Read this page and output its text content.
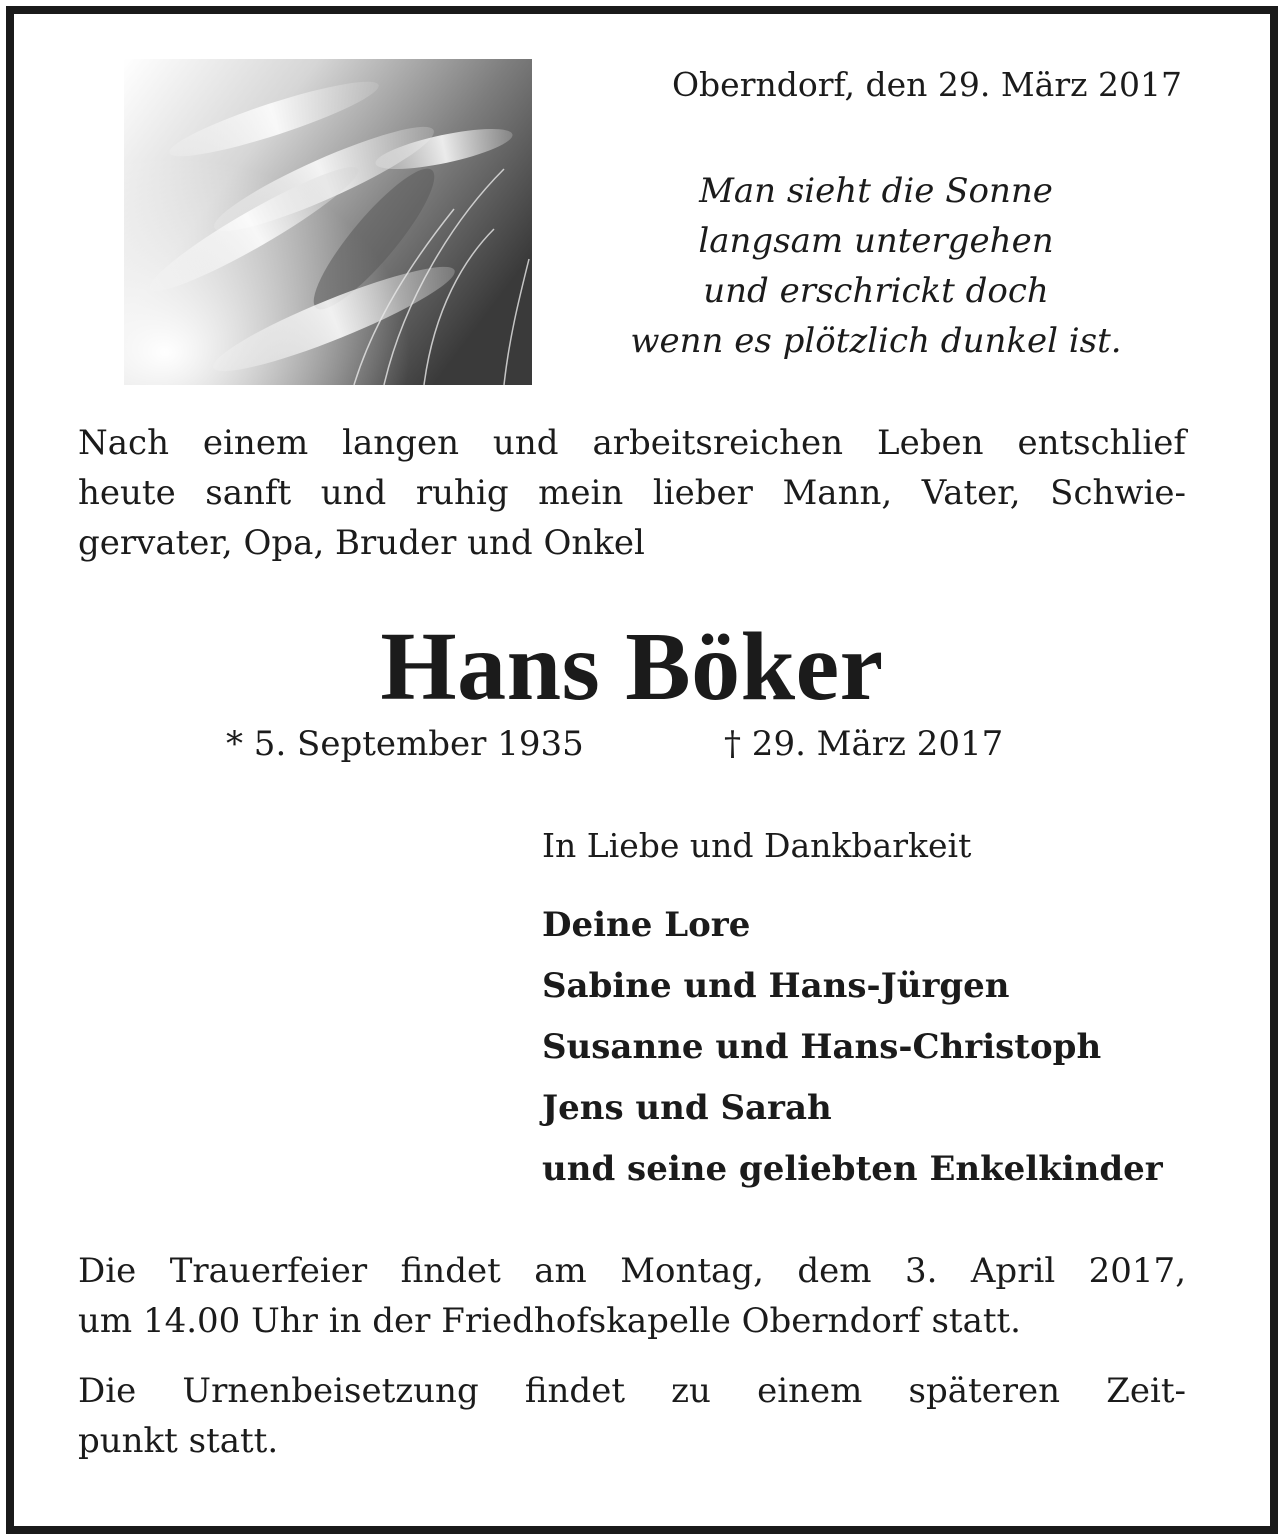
Oberndorf, den 29. März 2017

Man sieht die Sonne
langsam untergehen
und erschrickt doch
wenn es plötzlich dunkel ist.
Nach einem langen und arbeitsreichen Leben entschlief
heute sanft und ruhig mein lieber Mann, Vater, Schwie-
gervater, Opa, Bruder und Onkel
Hans Böker

* 5. September 1935	† 29. März 2017

In Liebe und Dankbarkeit

Deine Lore
Sabine und Hans-Jürgen
Susanne und Hans-Christoph
Jens und Sarah
und seine geliebten Enkelkinder
Die Trauerfeier findet am Montag, dem 3. April 2017,
um 14.00 Uhr in der Friedhofskapelle Oberndorf statt.
Die Urnenbeisetzung findet zu einem späteren Zeit-
punkt statt.
